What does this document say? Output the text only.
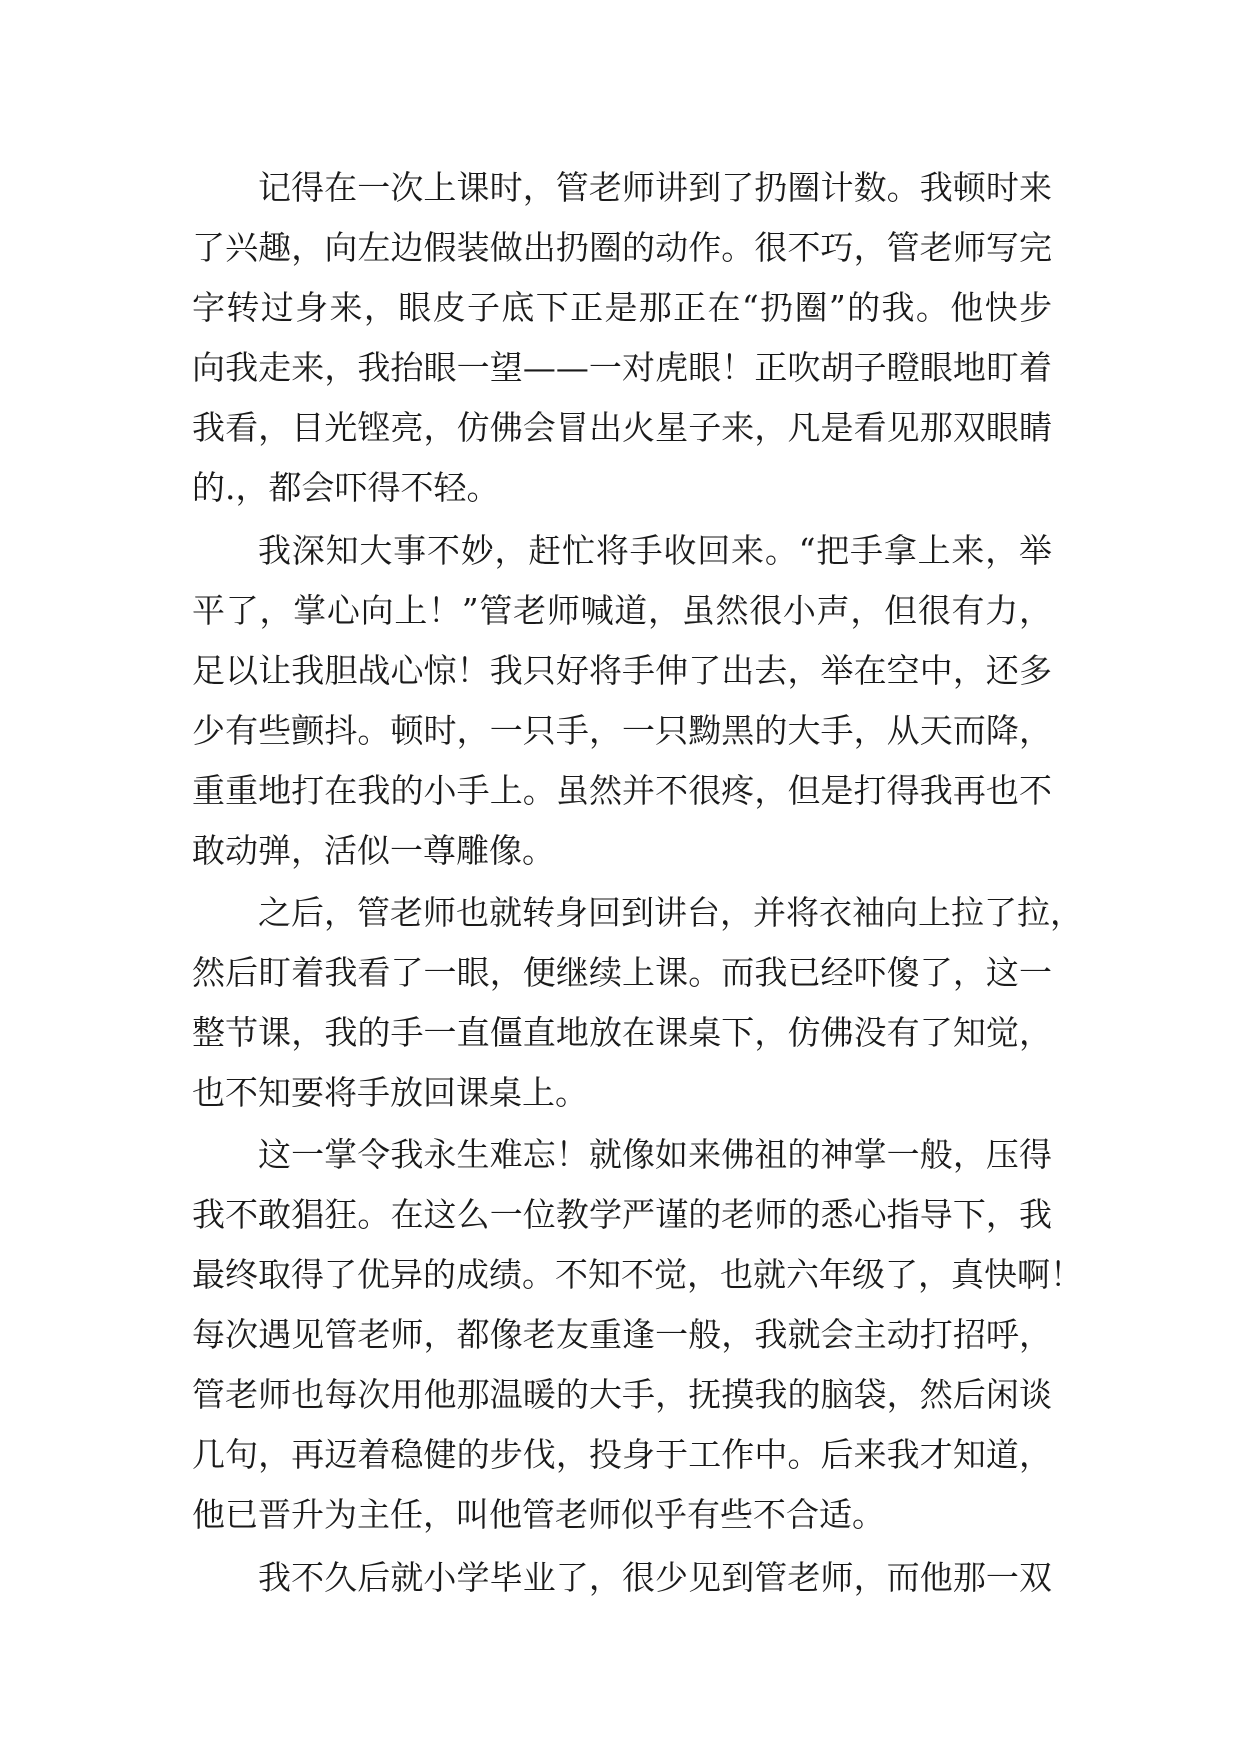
记得在一次上课时，管老师讲到了扔圈计数。我顿时来
了兴趣，向左边假装做出扔圈的动作。很不巧，管老师写完
字转过身来，眼皮子底下正是那正在“扔圈”的我。他快步
向我走来，我抬眼一望——一对虎眼！正吹胡子瞪眼地盯着
我看，目光铿亮，仿佛会冒出火星子来，凡是看见那双眼睛
的.，都会吓得不轻。
我深知大事不妙，赶忙将手收回来。“把手拿上来，举
平了，掌心向上！”管老师喊道，虽然很小声，但很有力，
足以让我胆战心惊！我只好将手伸了出去，举在空中，还多
少有些颤抖。顿时，一只手，一只黝黑的大手，从天而降，
重重地打在我的小手上。虽然并不很疼，但是打得我再也不
敢动弹，活似一尊雕像。
之后，管老师也就转身回到讲台，并将衣袖向上拉了拉，
然后盯着我看了一眼，便继续上课。而我已经吓傻了，这一
整节课，我的手一直僵直地放在课桌下，仿佛没有了知觉，
也不知要将手放回课桌上。
这一掌令我永生难忘！就像如来佛祖的神掌一般，压得
我不敢猖狂。在这么一位教学严谨的老师的悉心指导下，我
最终取得了优异的成绩。不知不觉，也就六年级了，真快啊！
每次遇见管老师，都像老友重逢一般，我就会主动打招呼，
管老师也每次用他那温暖的大手，抚摸我的脑袋，然后闲谈
几句，再迈着稳健的步伐，投身于工作中。后来我才知道，
他已晋升为主任，叫他管老师似乎有些不合适。
我不久后就小学毕业了，很少见到管老师，而他那一双
